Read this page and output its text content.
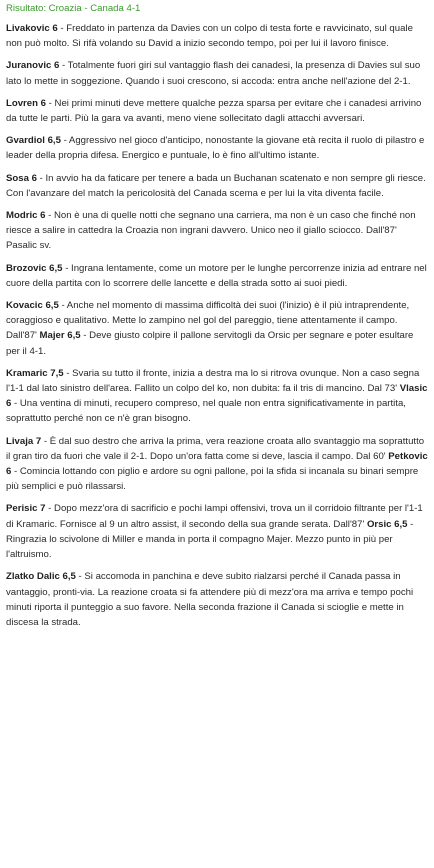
Risultato: Croazia - Canada 4-1

Livakovic 6 - Freddato in partenza da Davies con un colpo di testa forte e ravvicinato, sul quale non può molto. Si rifà volando su David a inizio secondo tempo, poi per lui il lavoro finisce.

Juranovic 6 - Totalmente fuori giri sul vantaggio flash dei canadesi, la presenza di Davies sul suo lato lo mette in soggezione. Quando i suoi crescono, si accoda: entra anche nell'azione del 2-1.

Lovren 6 - Nei primi minuti deve mettere qualche pezza sparsa per evitare che i canadesi arrivino da tutte le parti. Più la gara va avanti, meno viene sollecitato dagli attacchi avversari.

Gvardiol 6,5 - Aggressivo nel gioco d'anticipo, nonostante la giovane età recita il ruolo di pilastro e leader della propria difesa. Energico e puntuale, lo è fino all'ultimo istante.

Sosa 6 - In avvio ha da faticare per tenere a bada un Buchanan scatenato e non sempre gli riesce. Con l'avanzare del match la pericolosità del Canada scema e per lui la vita diventa facile.

Modric 6 - Non è una di quelle notti che segnano una carriera, ma non è un caso che finché non riesce a salire in cattedra la Croazia non ingrani davvero. Unico neo il giallo sciocco. Dall'87' Pasalic sv.

Brozovic 6,5 - Ingrana lentamente, come un motore per le lunghe percorrenze inizia ad entrare nel cuore della partita con lo scorrere delle lancette e della strada sotto ai suoi piedi.

Kovacic 6,5 - Anche nel momento di massima difficoltà dei suoi (l'inizio) è il più intraprendente, coraggioso e qualitativo. Mette lo zampino nel gol del pareggio, tiene attentamente il campo. Dall'87' Majer 6,5 - Deve giusto colpire il pallone servitogli da Orsic per segnare e poter esultare per il 4-1.

Kramaric 7,5 - Svaria su tutto il fronte, inizia a destra ma lo si ritrova ovunque. Non a caso segna l'1-1 dal lato sinistro dell'area. Fallito un colpo del ko, non dubita: fa il tris di mancino. Dal 73' Vlasic 6 - Una ventina di minuti, recupero compreso, nel quale non entra significativamente in partita, soprattutto perché non ce n'è gran bisogno.

Livaja 7 - È dal suo destro che arriva la prima, vera reazione croata allo svantaggio ma soprattutto il gran tiro da fuori che vale il 2-1. Dopo un'ora fatta come si deve, lascia il campo. Dal 60' Petkovic 6 - Comincia lottando con piglio e ardore su ogni pallone, poi la sfida si incanala su binari sempre più semplici e può rilassarsi.

Perisic 7 - Dopo mezz'ora di sacrificio e pochi lampi offensivi, trova un il corridoio filtrante per l'1-1 di Kramaric. Fornisce al 9 un altro assist, il secondo della sua grande serata. Dall'87' Orsic 6,5 - Ringrazia lo scivolone di Miller e manda in porta il compagno Majer. Mezzo punto in più per l'altruismo.

Zlatko Dalic 6,5 - Si accomoda in panchina e deve subito rialzarsi perché il Canada passa in vantaggio, pronti-via. La reazione croata si fa attendere più di mezz'ora ma arriva e tempo pochi minuti riporta il punteggio a suo favore. Nella seconda frazione il Canada si scioglie e mette in discesa la strada.
